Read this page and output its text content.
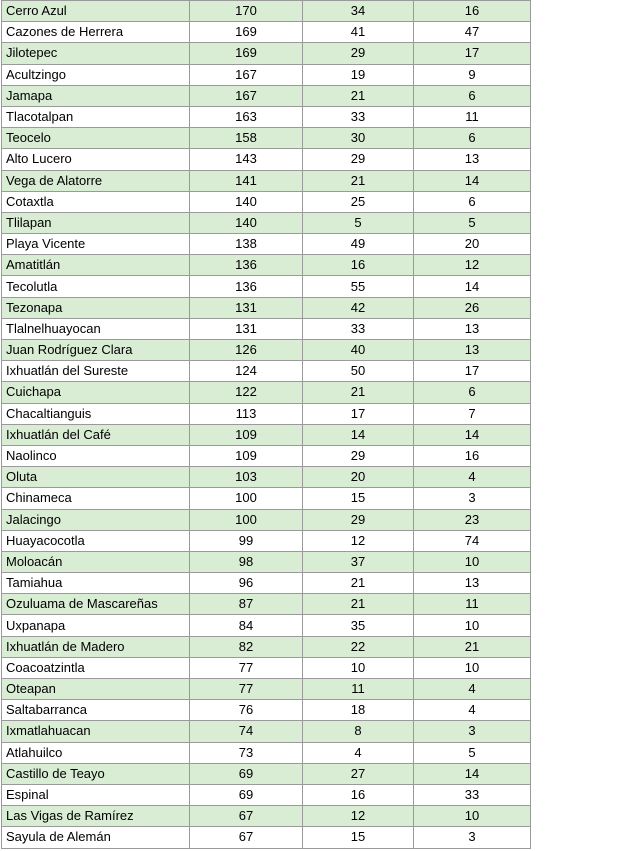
Cerro Azul	170	34	16
Cazones de Herrera	169	41	47
Jilotepec	169	29	17
Acultzingo	167	19	9
Jamapa	167	21	6
Tlacotalpan	163	33	11
Teocelo	158	30	6
Alto Lucero	143	29	13
Vega de Alatorre	141	21	14
Cotaxtla	140	25	6
Tlilapan	140	5	5
Playa Vicente	138	49	20
Amatitlán	136	16	12
Tecolutla	136	55	14
Tezonapa	131	42	26
Tlalnelhuayocan	131	33	13
Juan Rodríguez Clara	126	40	13
Ixhuatlán del Sureste	124	50	17
Cuichapa	122	21	6
Chacaltianguis	113	17	7
Ixhuatlán del Café	109	14	14
Naolinco	109	29	16
Oluta	103	20	4
Chinameca	100	15	3
Jalacingo	100	29	23
Huayacocotla	99	12	74
Moloacán	98	37	10
Tamiahua	96	21	13
Ozuluama de Mascareñas	87	21	11
Uxpanapa	84	35	10
Ixhuatlán de Madero	82	22	21
Coacoatzintla	77	10	10
Oteapan	77	11	4
Saltabarranca	76	18	4
Ixmatlahuacan	74	8	3
Atlahuilco	73	4	5
Castillo de Teayo	69	27	14
Espinal	69	16	33
Las Vigas de Ramírez	67	12	10
Sayula de Alemán	67	15	3
